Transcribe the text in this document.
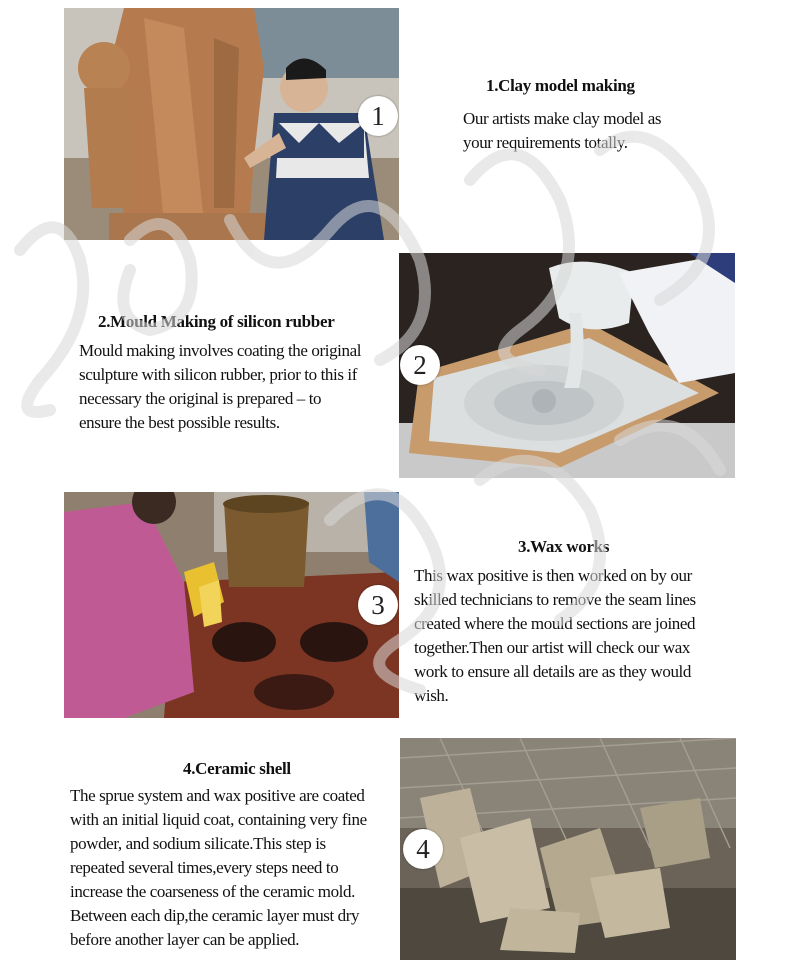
1
1.Clay model making
Our artists make clay model as
your requirements totally.
2.Mould Making of silicon rubber
Mould making involves coating the original
sculpture with silicon rubber, prior to this if
necessary the original is prepared – to
ensure the best possible results.
2
3
3.Wax works
This wax positive is then worked on by our
skilled technicians to remove the seam lines
created where the mould sections are joined
together.Then our artist will check our wax
work to ensure all details are as they would
wish.
4.Ceramic shell
The sprue system and wax positive are coated
with an initial liquid coat, containing very fine
powder, and sodium silicate.This step is
repeated several times,every steps need to
increase the coarseness of the ceramic mold.
Between each dip,the ceramic layer must dry
before another layer can be applied.
4
